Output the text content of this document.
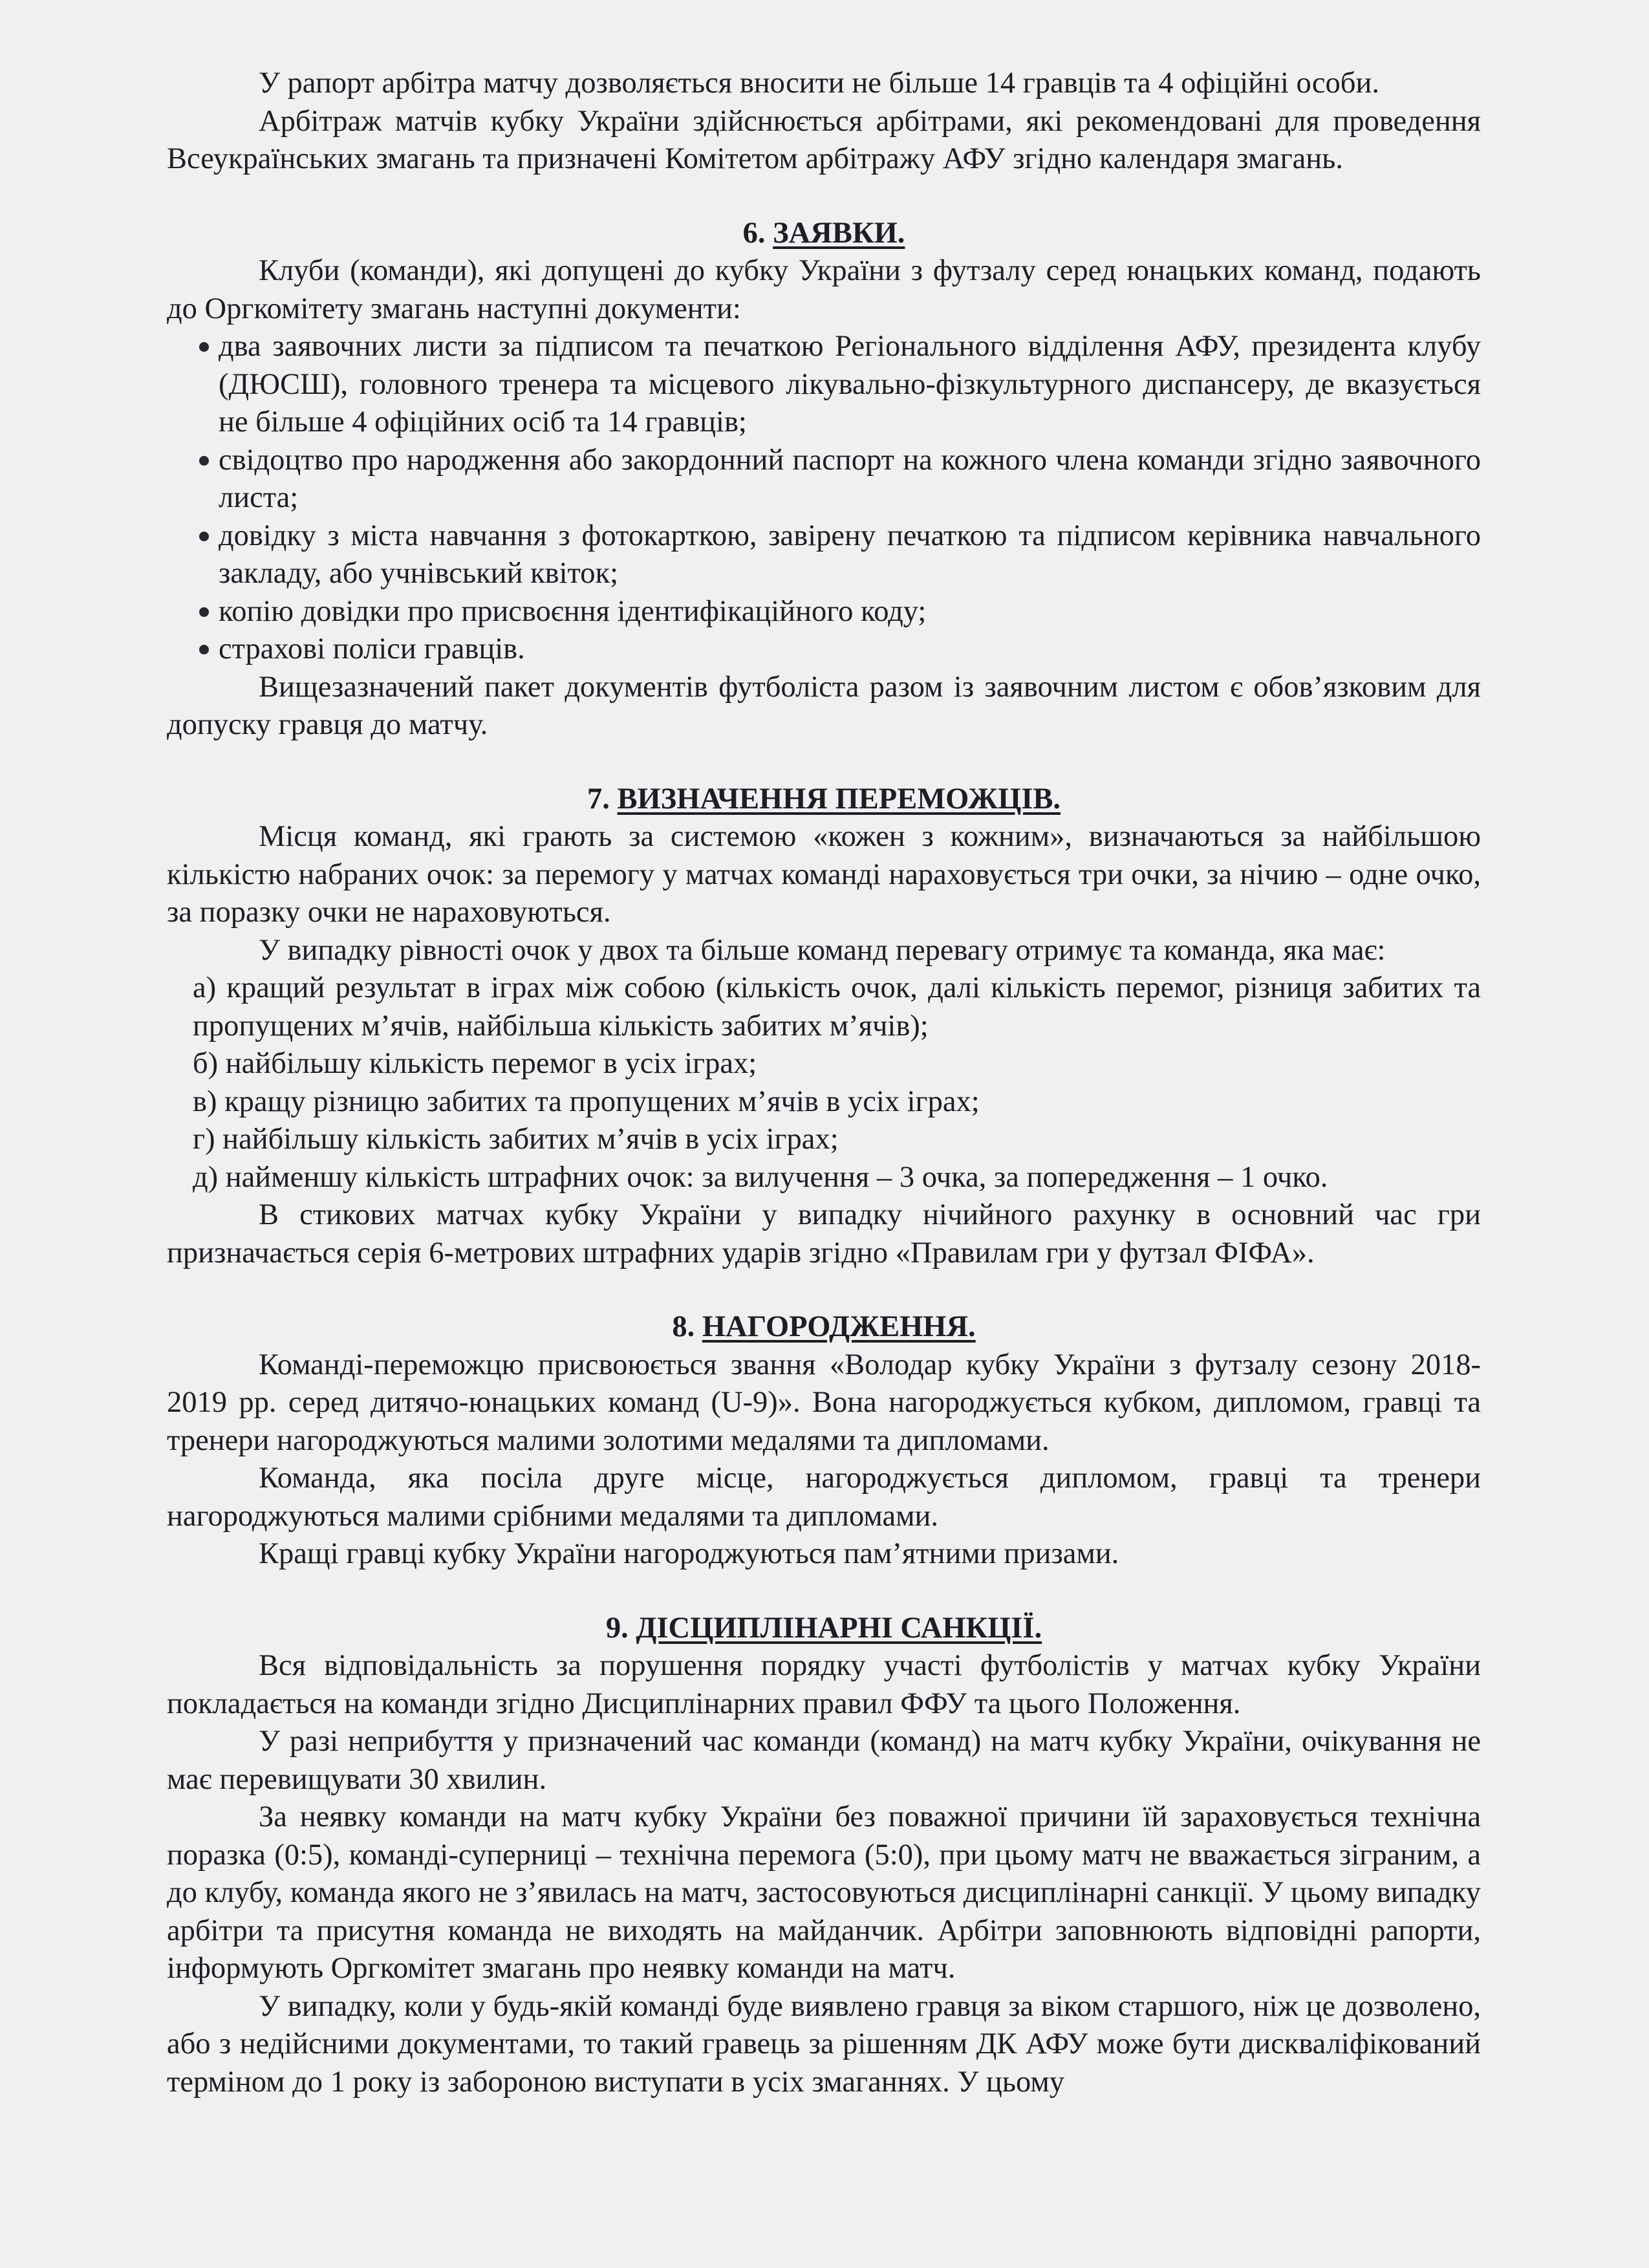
У рапорт арбітра матчу дозволяється вносити не більше 14 гравців та 4 офіційні особи.

Арбітраж матчів кубку України здійснюється арбітрами, які рекомендовані для проведення Всеукраїнських змагань та призначені Комітетом арбітражу АФУ згідно календаря змагань.

6. ЗАЯВКИ.

Клуби (команди), які допущені до кубку України з футзалу серед юнацьких команд, подають до Оргкомітету змагань наступні документи:

два заявочних листи за підписом та печаткою Регіонального відділення АФУ, президента клубу (ДЮСШ), головного тренера та місцевого лікувально-фізкультурного диспансеру, де вказується не більше 4 офіційних осіб та 14 гравців;
свідоцтво про народження або закордонний паспорт на кожного члена команди згідно заявочного листа;
довідку з міста навчання з фотокарткою, завірену печаткою та підписом керівника навчального закладу, або учнівський квіток;
копію довідки про присвоєння ідентифікаційного коду;
страхові поліси гравців.

Вищезазначений пакет документів футболіста разом із заявочним листом є обов’язковим для допуску гравця до матчу.

7. ВИЗНАЧЕННЯ ПЕРЕМОЖЦІВ.

Місця команд, які грають за системою «кожен з кожним», визначаються за найбільшою кількістю набраних очок: за перемогу у матчах команді нараховується три очки, за нічию – одне очко, за поразку очки не нараховуються.

У випадку рівності очок у двох та більше команд перевагу отримує та команда, яка має:

а) кращий результат в іграх між собою (кількість очок, далі кількість перемог, різниця забитих та пропущених м’ячів, найбільша кількість забитих м’ячів);
б) найбільшу кількість перемог в усіх іграх;
в) кращу різницю забитих та пропущених м’ячів в усіх іграх;
г) найбільшу кількість забитих м’ячів в усіх іграх;
д) найменшу кількість штрафних очок: за вилучення – 3 очка, за попередження – 1 очко.

В стикових матчах кубку України у випадку нічийного рахунку в основний час гри призначається серія 6-метрових штрафних ударів згідно «Правилам гри у футзал ФІФА».

8. НАГОРОДЖЕННЯ.

Команді-переможцю присвоюється звання «Володар кубку України з футзалу сезону 2018-2019 рр. серед дитячо-юнацьких команд (U-9)». Вона нагороджується кубком, дипломом, гравці та тренери нагороджуються малими золотими медалями та дипломами.

Команда, яка посіла друге місце, нагороджується дипломом, гравці та тренери нагороджуються малими срібними медалями та дипломами.

Кращі гравці кубку України нагороджуються пам’ятними призами.

9. ДІСЦИПЛІНАРНІ САНКЦІЇ.

Вся відповідальність за порушення порядку участі футболістів у матчах кубку України покладається на команди згідно Дисциплінарних правил ФФУ та цього Положення.

У разі неприбуття у призначений час команди (команд) на матч кубку України, очікування не має перевищувати 30 хвилин.

За неявку команди на матч кубку України без поважної причини їй зараховується технічна поразка (0:5), команді-суперниці – технічна перемога (5:0), при цьому матч не вважається зіграним, а до клубу, команда якого не з’явилась на матч, застосовуються дисциплінарні санкції. У цьому випадку арбітри та присутня команда не виходять на майданчик. Арбітри заповнюють відповідні рапорти, інформують Оргкомітет змагань про неявку команди на матч.

У випадку, коли у будь-якій команді буде виявлено гравця за віком старшого, ніж це дозволено, або з недійсними документами, то такий гравець за рішенням ДК АФУ може бути дискваліфікований терміном до 1 року із забороною виступати в усіх змаганнях. У цьому
